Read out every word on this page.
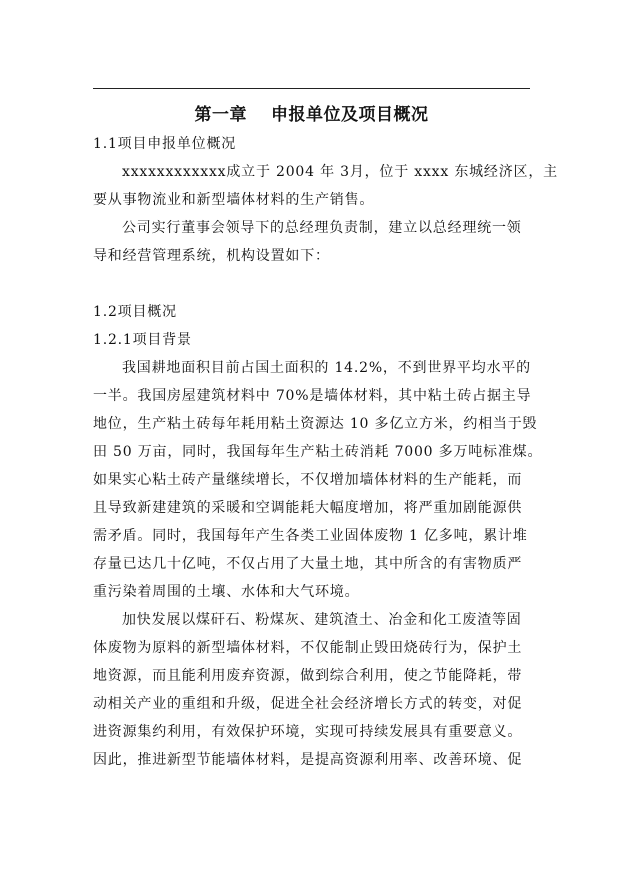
第一章　 申报单位及项目概况
1.1项目申报单位概况
xxxxxxxxxxxx成立于 2004 年 3月，位于 xxxx 东城经济区，主
要从事物流业和新型墙体材料的生产销售。
公司实行董事会领导下的总经理负责制，建立以总经理统一领
导和经营管理系统，机构设置如下：
1.2项目概况
1.2.1项目背景
我国耕地面积目前占国土面积的 14.2%，不到世界平均水平的
一半。我国房屋建筑材料中 70%是墙体材料，其中粘土砖占据主导
地位，生产粘土砖每年耗用粘土资源达 10 多亿立方米，约相当于毁
田 50 万亩，同时，我国每年生产粘土砖消耗 7000 多万吨标准煤。
如果实心粘土砖产量继续增长，不仅增加墙体材料的生产能耗，而
且导致新建建筑的采暖和空调能耗大幅度增加，将严重加剧能源供
需矛盾。同时，我国每年产生各类工业固体废物 1 亿多吨，累计堆
存量已达几十亿吨，不仅占用了大量土地，其中所含的有害物质严
重污染着周围的土壤、水体和大气环境。
加快发展以煤矸石、粉煤灰、建筑渣土、冶金和化工废渣等固
体废物为原料的新型墙体材料，不仅能制止毁田烧砖行为，保护土
地资源，而且能利用废弃资源，做到综合利用，使之节能降耗，带
动相关产业的重组和升级，促进全社会经济增长方式的转变，对促
进资源集约利用，有效保护环境，实现可持续发展具有重要意义。
因此，推进新型节能墙体材料，是提高资源利用率、改善环境、促
